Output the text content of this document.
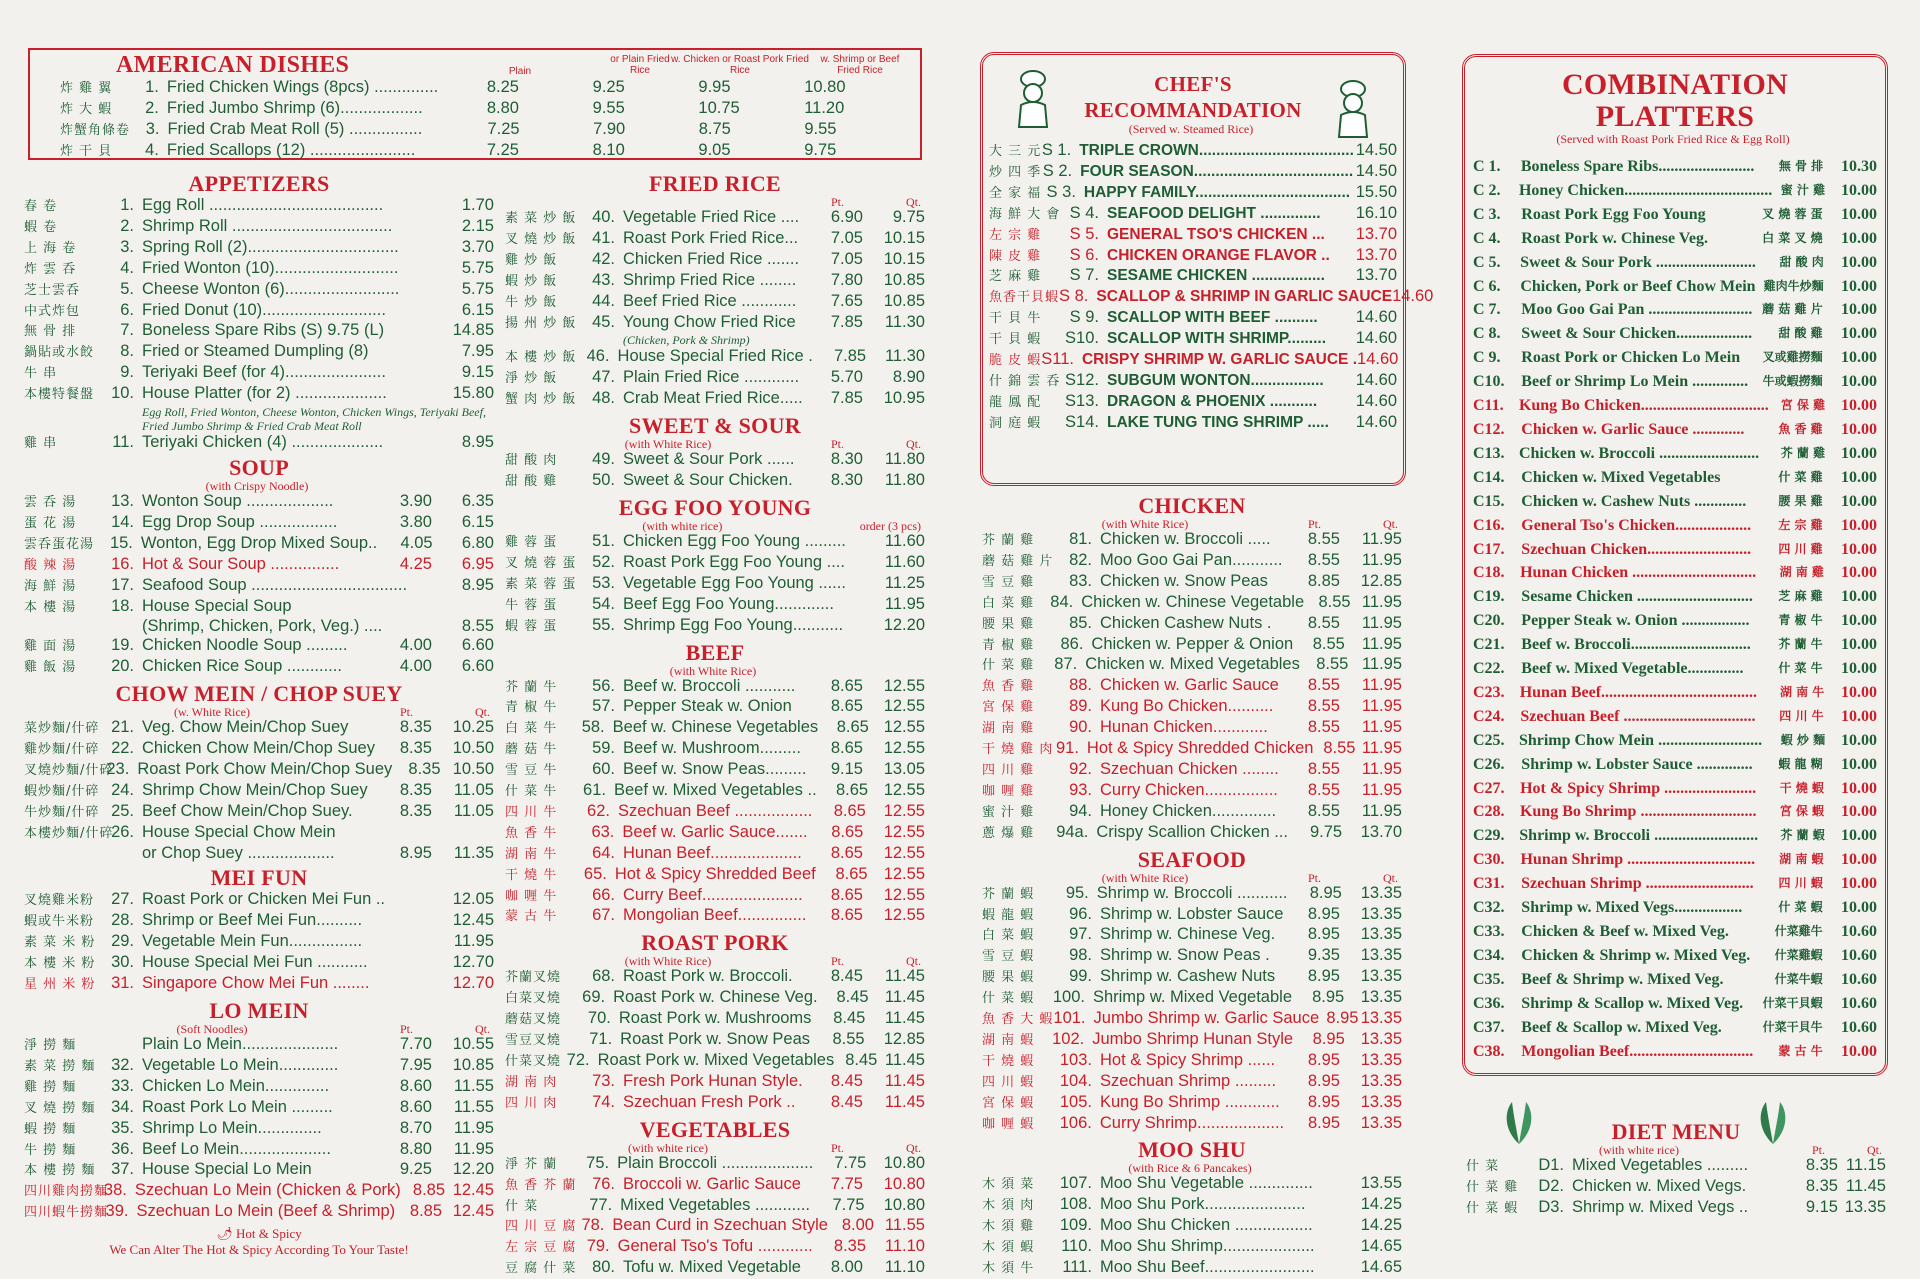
AMERICAN DISHES	Plain
or Plain Fried Rice
w. Chicken or Roast Pork Fried Rice
w. Shrimp or Beef Fried Rice
炸 雞 翼	1. Fried Chicken Wings (8pcs) ..............	8.25	9.25	9.95	10.80
炸 大 蝦	2. Fried Jumbo Shrimp (6)..................	8.80	9.55	10.75	11.20
炸蟹角條卷 3. Fried Crab Meat Roll (5) ................	7.25	7.90	8.75	9.55
炸 干 貝	4. Fried Scallops (12) .......................	7.25	8.10	9.05	9.75
APPETIZERS
春 卷	1. Egg Roll ......................................	1.70
蝦 卷	2. Shrimp Roll ...................................	2.15
上 海 卷	3. Spring Roll (2).................................	3.70
炸 雲 呑	4. Fried Wonton (10)...........................	5.75
芝士雲呑	5. Cheese Wonton (6).........................	5.75
中式炸包	6. Fried Donut (10)...........................	6.15
無 骨 排	7. Boneless Spare Ribs (S) 9.75 (L)	14.85
鍋貼或水餃	8. Fried or Steamed Dumpling (8)	7.95
牛 串	9. Teriyaki Beef (for 4)......................	9.15
本樓特餐盤	10. House Platter (for 2) ....................	15.80
Egg Roll, Fried Wonton, Cheese Wonton, Chicken Wings, Teriyaki Beef, Fried Jumbo Shrimp & Fried Crab Meat Roll
雞 串	11. Teriyaki Chicken (4) ....................	8.95
SOUP
(with Crispy Noodle)
雲 呑 湯	13. Wonton Soup ...................	3.90	6.35
蛋 花 湯	14. Egg Drop Soup .................	3.80	6.15
雲呑蛋花湯 15. Wonton, Egg Drop Mixed Soup..	4.05	6.80
酸 辣 湯	16. Hot & Sour Soup ...............	4.25	6.95
海 鮮 湯	17. Seafood Soup ..................................	8.95
本 樓 湯	18. House Special Soup
(Shrimp, Chicken, Pork, Veg.) ....	8.55
雞 面 湯	19. Chicken Noodle Soup .........	4.00	6.60
雞 飯 湯	20. Chicken Rice Soup ............	4.00	6.60
CHOW MEIN / CHOP SUEY
(w. White Rice)	Pt.	Qt.
菜炒麵/什碎 21. Veg. Chow Mein/Chop Suey	8.35	10.25
雞炒麵/什碎 22. Chicken Chow Mein/Chop Suey	8.35	10.50
叉燒炒麵/什碎
23. Roast Pork Chow Mein/Chop Suey 8.35 10.50
蝦炒麵/什碎 24. Shrimp Chow Mein/Chop Suey	8.35	11.05
牛炒麵/什碎 25. Beef Chow Mein/Chop Suey.	8.35	11.05
本樓炒麵/什碎
26. House Special Chow Mein
or Chop Suey ...................	8.95	11.35
MEI FUN
叉燒雞米粉	27. Roast Pork or Chicken Mei Fun ..	12.05
蝦或牛米粉	28. Shrimp or Beef Mei Fun..........	12.45
素 菜 米 粉 29. Vegetable Mein Fun................	11.95
本 樓 米 粉 30. House Special Mei Fun ...........	12.70
星 州 米 粉 31. Singapore Chow Mei Fun ........	12.70
LO MEIN
(Soft Noodles)	Pt.	Qt.
淨 撈 麵	Plain Lo Mein.....................	7.70	10.55
素 菜 撈 麵 32. Vegetable Lo Mein.............	7.95	10.85
雞 撈 麵	33. Chicken Lo Mein..............	8.60	11.55
叉 燒 撈 麵 34. Roast Pork Lo Mein .........	8.60	11.55
蝦 撈 麵	35. Shrimp Lo Mein..............	8.70	11.95
牛 撈 麵	36. Beef Lo Mein....................	8.80	11.95
本 樓 撈 麵 37. House Special Lo Mein	9.25	12.20
四川雞肉撈麵
38. Szechuan Lo Mein (Chicken & Pork) 8.85 12.45
四川蝦牛撈麵
39. Szechuan Lo Mein (Beef & Shrimp) 8.85 12.45
🌶︎ Hot & Spicy
We Can Alter The Hot & Spicy According To Your Taste!
FRIED RICE
Pt.	Qt.
素 菜 炒 飯 40. Vegetable Fried Rice ....	6.90	9.75
叉 燒 炒 飯 41. Roast Pork Fried Rice...	7.05	10.15
雞 炒 飯	42. Chicken Fried Rice .......	7.05	10.15
蝦 炒 飯	43. Shrimp Fried Rice ........	7.80	10.85
牛 炒 飯	44. Beef Fried Rice ............	7.65	10.85
揚 州 炒 飯 45. Young Chow Fried Rice	7.85	11.30
(Chicken, Pork & Shrimp)
本 樓 炒 飯 46. House Special Fried Rice .	7.85	11.30
淨 炒 飯	47. Plain Fried Rice ............	5.70	8.90
蟹 肉 炒 飯 48. Crab Meat Fried Rice.....	7.85	10.95
SWEET & SOUR
(with White Rice)	Pt.	Qt.
甜 酸 肉	49. Sweet & Sour Pork ......	8.30	11.80
甜 酸 雞	50. Sweet & Sour Chicken.	8.30	11.80
EGG FOO YOUNG
(with white rice)	order (3 pcs)
雞 蓉 蛋	51. Chicken Egg Foo Young .........	11.60
叉 燒 蓉 蛋 52. Roast Pork Egg Foo Young ....	11.60
素 菜 蓉 蛋 53. Vegetable Egg Foo Young ......	11.25
牛 蓉 蛋	54. Beef Egg Foo Young.............	11.95
蝦 蓉 蛋	55. Shrimp Egg Foo Young...........	12.20
BEEF
(with White Rice)
芥 蘭 牛	56. Beef w. Broccoli ...........	8.65	12.55
青 椒 牛	57. Pepper Steak w. Onion	8.65	12.55
白 菜 牛	58. Beef w. Chinese Vegetables	8.65 12.55
蘑 菇 牛	59. Beef w. Mushroom.........	8.65	12.55
雪 豆 牛	60. Beef w. Snow Peas.........	9.15	13.05
什 菜 牛	61. Beef w. Mixed Vegetables ..	8.65 12.55
四 川 牛	62. Szechuan Beef .................	8.65	12.55
魚 香 牛	63. Beef w. Garlic Sauce.......	8.65	12.55
湖 南 牛	64. Hunan Beef....................	8.65	12.55
干 燒 牛	65. Hot & Spicy Shredded Beef	8.65 12.55
咖 喱 牛	66. Curry Beef......................	8.65	12.55
蒙 古 牛	67. Mongolian Beef...............	8.65	12.55
ROAST PORK
(with White Rice)	Pt.	Qt.
芥蘭叉燒	68. Roast Pork w. Broccoli.	8.45	11.45
白菜叉燒	69. Roast Pork w. Chinese Veg.	8.45 11.45
蘑菇叉燒	70. Roast Pork w. Mushrooms	8.45	11.45
雪豆叉燒	71. Roast Pork w. Snow Peas	8.55	12.85
什菜叉燒 72. Roast Pork w. Mixed Vegetables 8.45 11.45
湖 南 肉	73. Fresh Pork Hunan Style.	8.45	11.45
四 川 肉	74. Szechuan Fresh Pork ..	8.45	11.45
VEGETABLES
(with white rice)	Pt.	Qt.
淨 芥 蘭	75. Plain Broccoli ....................	7.75	10.80
魚 香 芥 蘭 76. Broccoli w. Garlic Sauce	7.75	10.80
什 菜	77. Mixed Vegetables ............	7.75	10.80
四 川 豆 腐 78. Bean Curd in Szechuan Style 8.00 11.55
左 宗 豆 腐 79. General Tso's Tofu ............	8.35	11.10
豆 腐 什 菜 80. Tofu w. Mixed Vegetable	8.00	11.10
CHEF'S
RECOMMANDATION
(Served w. Steamed Rice)
大 三 元 S 1. TRIPLE CROWN.................................... 14.50
炒 四 季 S 2. FOUR SEASON..................................... 14.50
全 家 福 S 3. HAPPY FAMILY.................................... 15.50
海 鮮 大 會 S 4. SEAFOOD DELIGHT ..............	16.10
左 宗 雞	S 5. GENERAL TSO'S CHICKEN ...	13.70
陳 皮 雞	S 6. CHICKEN ORANGE FLAVOR ..	13.70
芝 麻 雞	S 7. SESAME CHICKEN .................	13.70
魚香干貝蝦 S 8. SCALLOP & SHRIMP IN GARLIC SAUCE 14.60
干 貝 牛	S 9. SCALLOP WITH BEEF ..........	14.60
干 貝 蝦	S10. SCALLOP WITH SHRIMP.........	14.60
脆 皮 蝦 S11. CRISPY SHRIMP W. GARLIC SAUCE . 14.60
什 錦 雲 呑 S12. SUBGUM WONTON.................	14.60
龍 鳳 配	S13. DRAGON & PHOENIX ...........	14.60
洞 庭 蝦	S14. LAKE TUNG TING SHRIMP .....	14.60
CHICKEN
(with White Rice)	Pt.	Qt.
芥 蘭 雞	81. Chicken w. Broccoli .....	8.55	11.95
蘑 菇 雞 片 82. Moo Goo Gai Pan...........	8.55	11.95
雪 豆 雞	83. Chicken w. Snow Peas	8.85	12.85
白 菜 雞 84. Chicken w. Chinese Vegetable 8.55 11.95
腰 果 雞	85. Chicken Cashew Nuts .	8.55	11.95
青 椒 雞	86. Chicken w. Pepper & Onion	8.55	11.95
什 菜 雞	87. Chicken w. Mixed Vegetables 8.55 11.95
魚 香 雞	88. Chicken w. Garlic Sauce	8.55	11.95
宮 保 雞	89. Kung Bo Chicken..........	8.55	11.95
湖 南 雞	90. Hunan Chicken............	8.55	11.95
干 燒 雞 肉 91. Hot & Spicy Shredded Chicken 8.55 11.95
四 川 雞	92. Szechuan Chicken ........	8.55	11.95
咖 喱 雞	93. Curry Chicken................	8.55	11.95
蜜 汁 雞	94. Honey Chicken..............	8.55	11.95
蔥 爆 雞	94a. Crispy Scallion Chicken ...	9.75	13.70
SEAFOOD
(with White Rice)	Pt.	Qt.
芥 蘭 蝦	95. Shrimp w. Broccoli ...........	8.95	13.35
蝦 龍 蝦	96. Shrimp w. Lobster Sauce	8.95	13.35
白 菜 蝦	97. Shrimp w. Chinese Veg.	8.95	13.35
雪 豆 蝦	98. Shrimp w. Snow Peas .	9.35	13.35
腰 果 蝦	99. Shrimp w. Cashew Nuts	8.95	13.35
什 菜 蝦	100. Shrimp w. Mixed Vegetable	8.95	13.35
魚 香 大 蝦 101. Jumbo Shrimp w. Garlic Sauce 8.95 13.35
湖 南 蝦	102. Jumbo Shrimp Hunan Style	8.95 13.35
干 燒 蝦	103. Hot & Spicy Shrimp ......	8.95	13.35
四 川 蝦	104. Szechuan Shrimp .........	8.95	13.35
宮 保 蝦	105. Kung Bo Shrimp ............	8.95	13.35
咖 喱 蝦	106. Curry Shrimp...................	8.95	13.35
MOO SHU
(with Rice & 6 Pancakes)
木 須 菜	107. Moo Shu Vegetable ..............	13.55
木 須 肉	108. Moo Shu Pork......................	14.25
木 須 雞	109. Moo Shu Chicken .................	14.25
木 須 蝦	110. Moo Shu Shrimp....................	14.65
木 須 牛	111. Moo Shu Beef........................	14.65
COMBINATION
PLATTERS
(Served with Roast Pork Fried Rice & Egg Roll)
C 1.	Boneless Spare Ribs........................	無 骨 排	10.30
C 2.	Honey Chicken..................................... 蜜 汁 雞 10.00
C 3.	Roast Pork Egg Foo Young	叉 燒 蓉 蛋	10.00
C 4.	Roast Pork w. Chinese Veg.	白 菜 叉 燒	10.00
C 5.	Sweet & Sour Pork .........................	甜 酸 肉	10.00
C 6.	Chicken, Pork or Beef Chow Mein 雞肉牛炒麵	10.00
C 7.	Moo Goo Gai Pan .......................... 蘑 菇 雞 片	10.00
C 8.	Sweet & Sour Chicken...................	甜 酸 雞	10.00
C 9.	Roast Pork or Chicken Lo Mein	叉或雞撈麵	10.00
C10.	Beef or Shrimp Lo Mein ..............	牛或蝦撈麵	10.00
C11. Kung Bo Chicken................................ 宮 保 雞 10.00
C12.	Chicken w. Garlic Sauce .............	魚 香 雞	10.00
C13. Chicken w. Broccoli .........................	芥 蘭 雞 10.00
C14.	Chicken w. Mixed Vegetables	什 菜 雞	10.00
C15.	Chicken w. Cashew Nuts .............	腰 果 雞	10.00
C16.	General Tso's Chicken...................	左 宗 雞	10.00
C17.	Szechuan Chicken..........................	四 川 雞	10.00
C18. Hunan Chicken ...............................	湖 南 雞	10.00
C19.	Sesame Chicken .............................	芝 麻 雞	10.00
C20.	Pepper Steak w. Onion .................	青 椒 牛	10.00
C21.	Beef w. Broccoli..............................	芥 蘭 牛	10.00
C22.	Beef w. Mixed Vegetable..............	什 菜 牛	10.00
C23. Hunan Beef.......................................	湖 南 牛	10.00
C24. Szechuan Beef .................................	四 川 牛	10.00
C25. Shrimp Chow Mein ..........................	蝦 炒 麵 10.00
C26.	Shrimp w. Lobster Sauce ..............	蝦 龍 糊	10.00
C27. Hot & Spicy Shrimp .......................	干 燒 蝦	10.00
C28. Kung Bo Shrimp .............................	宮 保 蝦	10.00
C29. Shrimp w. Broccoli ..........................	芥 蘭 蝦	10.00
C30. Hunan Shrimp ................................	湖 南 蝦	10.00
C31.	Szechuan Shrimp ...........................	四 川 蝦	10.00
C32.	Shrimp w. Mixed Vegs.................	什 菜 蝦	10.00
C33.	Chicken & Beef w. Mixed Veg.	什菜雞牛	10.60
C34.	Chicken & Shrimp w. Mixed Veg.	什菜雞蝦	10.60
C35.	Beef & Shrimp w. Mixed Veg.	什菜牛蝦	10.60
C36.	Shrimp & Scallop w. Mixed Veg.	什菜干貝蝦	10.60
C37.	Beef & Scallop w. Mixed Veg.	什菜干貝牛	10.60
C38.	Mongolian Beef...............................	蒙 古 牛	10.00
DIET MENU
(with white rice)	Pt.	Qt.
什 菜	D1. Mixed Vegetables .........	8.35 11.15
什 菜 雞	D2. Chicken w. Mixed Vegs.	8.35 11.45
什 菜 蝦	D3. Shrimp w. Mixed Vegs ..	9.15 13.35
